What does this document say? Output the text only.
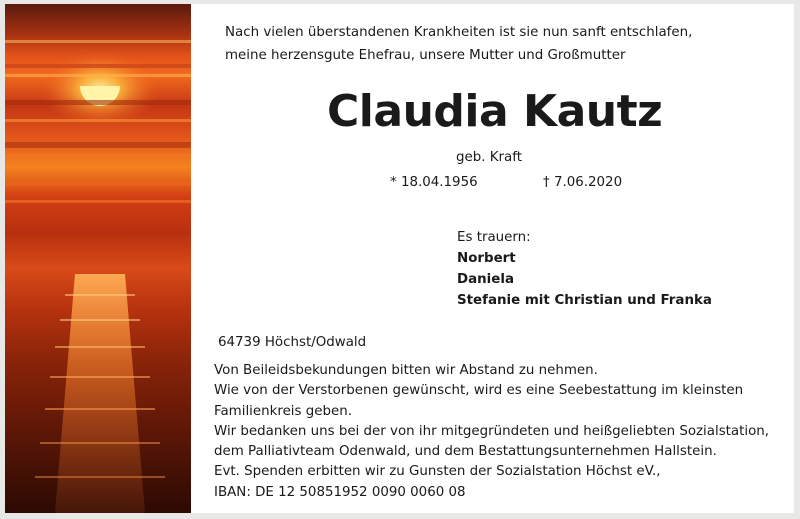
Nach vielen überstandenen Krankheiten ist sie nun sanft entschlafen,
meine herzensgute Ehefrau, unsere Mutter und Großmutter
Claudia Kautz
geb. Kraft
* 18.04.1956	† 7.06.2020
Es trauern:
Norbert
Daniela
Stefanie mit Christian und Franka
64739 Höchst/Odwald
Von Beileidsbekundungen bitten wir Abstand zu nehmen.
Wie von der Verstorbenen gewünscht, wird es eine Seebestattung im kleinsten
Familienkreis geben.
Wir bedanken uns bei der von ihr mitgegründeten und heißgeliebten Sozialstation,
dem Palliativteam Odenwald, und dem Bestattungsunternehmen Hallstein.
Evt. Spenden erbitten wir zu Gunsten der Sozialstation Höchst eV.,
IBAN: DE 12 50851952 0090 0060 08
